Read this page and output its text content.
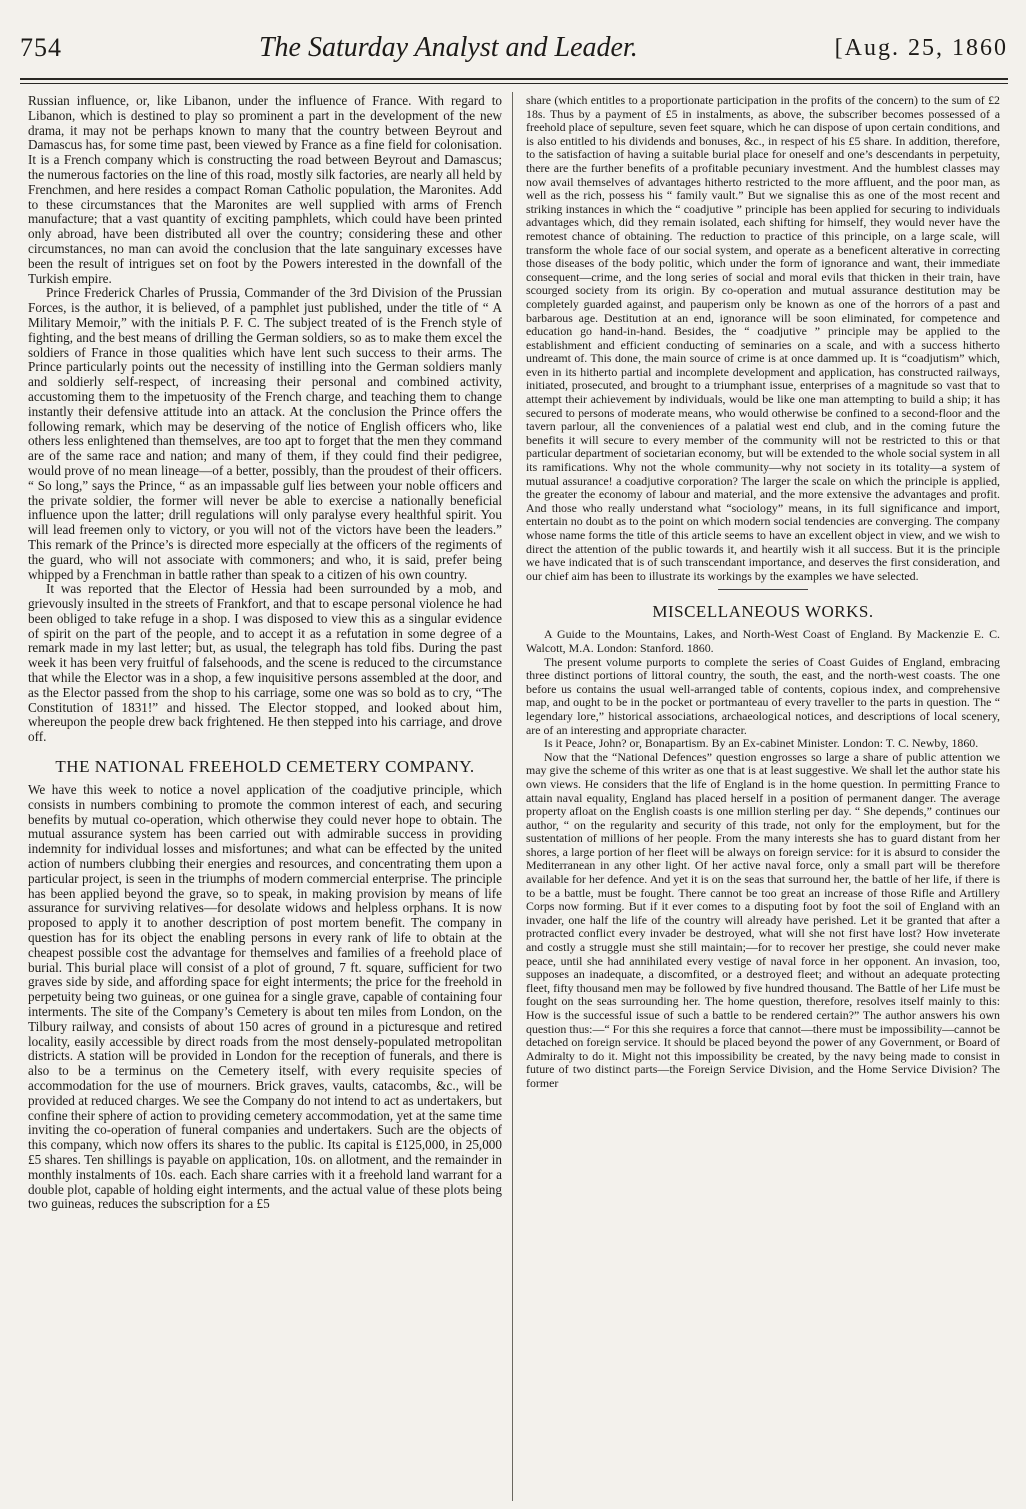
754	The Saturday Analyst and Leader.	[Aug. 25, 1860

Russian influence, or, like Libanon, under the influence of France. With regard to Libanon, which is destined to play so prominent a part in the development of the new drama, it may not be perhaps known to many that the country between Beyrout and Damascus has, for some time past, been viewed by France as a fine field for colonisation. It is a French company which is constructing the road between Beyrout and Damascus; the numerous factories on the line of this road, mostly silk factories, are nearly all held by Frenchmen, and here resides a compact Roman Catholic population, the Maronites. Add to these circumstances that the Maronites are well supplied with arms of French manufacture; that a vast quantity of exciting pamphlets, which could have been printed only abroad, have been distributed all over the country; considering these and other circumstances, no man can avoid the conclusion that the late sanguinary excesses have been the result of intrigues set on foot by the Powers interested in the downfall of the Turkish empire.

Prince Frederick Charles of Prussia, Commander of the 3rd Division of the Prussian Forces, is the author, it is believed, of a pamphlet just published, under the title of “ A Military Memoir,” with the initials P. F. C. The subject treated of is the French style of fighting, and the best means of drilling the German soldiers, so as to make them excel the soldiers of France in those qualities which have lent such success to their arms. The Prince particularly points out the necessity of instilling into the German soldiers manly and soldierly self-respect, of increasing their personal and combined activity, accustoming them to the impetuosity of the French charge, and teaching them to change instantly their defensive attitude into an attack. At the conclusion the Prince offers the following remark, which may be deserving of the notice of English officers who, like others less enlightened than themselves, are too apt to forget that the men they command are of the same race and nation; and many of them, if they could find their pedigree, would prove of no mean lineage—of a better, possibly, than the proudest of their officers. “ So long,” says the Prince, “ as an impassable gulf lies between your noble officers and the private soldier, the former will never be able to exercise a nationally beneficial influence upon the latter; drill regulations will only paralyse every healthful spirit. You will lead freemen only to victory, or you will not of the victors have been the leaders.” This remark of the Prince’s is directed more especially at the officers of the regiments of the guard, who will not associate with commoners; and who, it is said, prefer being whipped by a Frenchman in battle rather than speak to a citizen of his own country.

It was reported that the Elector of Hessia had been surrounded by a mob, and grievously insulted in the streets of Frankfort, and that to escape personal violence he had been obliged to take refuge in a shop. I was disposed to view this as a singular evidence of spirit on the part of the people, and to accept it as a refutation in some degree of a remark made in my last letter; but, as usual, the telegraph has told fibs. During the past week it has been very fruitful of falsehoods, and the scene is reduced to the circumstance that while the Elector was in a shop, a few inquisitive persons assembled at the door, and as the Elector passed from the shop to his carriage, some one was so bold as to cry, “The Constitution of 1831!” and hissed. The Elector stopped, and looked about him, whereupon the people drew back frightened. He then stepped into his carriage, and drove off.

THE NATIONAL FREEHOLD CEMETERY COMPANY.

We have this week to notice a novel application of the coadjutive principle, which consists in numbers combining to promote the common interest of each, and securing benefits by mutual co-operation, which otherwise they could never hope to obtain. The mutual assurance system has been carried out with admirable success in providing indemnity for individual losses and misfortunes; and what can be effected by the united action of numbers clubbing their energies and resources, and concentrating them upon a particular project, is seen in the triumphs of modern commercial enterprise. The principle has been applied beyond the grave, so to speak, in making provision by means of life assurance for surviving relatives—for desolate widows and helpless orphans. It is now proposed to apply it to another description of post mortem benefit. The company in question has for its object the enabling persons in every rank of life to obtain at the cheapest possible cost the advantage for themselves and families of a freehold place of burial. This burial place will consist of a plot of ground, 7 ft. square, sufficient for two graves side by side, and affording space for eight interments; the price for the freehold in perpetuity being two guineas, or one guinea for a single grave, capable of containing four interments. The site of the Company’s Cemetery is about ten miles from London, on the Tilbury railway, and consists of about 150 acres of ground in a picturesque and retired locality, easily accessible by direct roads from the most densely-populated metropolitan districts. A station will be provided in London for the reception of funerals, and there is also to be a terminus on the Cemetery itself, with every requisite species of accommodation for the use of mourners. Brick graves, vaults, catacombs, &c., will be provided at reduced charges. We see the Company do not intend to act as undertakers, but confine their sphere of action to providing cemetery accommodation, yet at the same time inviting the co-operation of funeral companies and undertakers. Such are the objects of this company, which now offers its shares to the public. Its capital is £125,000, in 25,000 £5 shares. Ten shillings is payable on application, 10s. on allotment, and the remainder in monthly instalments of 10s. each. Each share carries with it a freehold land warrant for a double plot, capable of holding eight interments, and the actual value of these plots being two guineas, reduces the subscription for a £5

share (which entitles to a proportionate participation in the profits of the concern) to the sum of £2 18s. Thus by a payment of £5 in instalments, as above, the subscriber becomes possessed of a freehold place of sepulture, seven feet square, which he can dispose of upon certain conditions, and is also entitled to his dividends and bonuses, &c., in respect of his £5 share. In addition, therefore, to the satisfaction of having a suitable burial place for oneself and one’s descendants in perpetuity, there are the further benefits of a profitable pecuniary investment. And the humblest classes may now avail themselves of advantages hitherto restricted to the more affluent, and the poor man, as well as the rich, possess his “ family vault.” But we signalise this as one of the most recent and striking instances in which the “ coadjutive ” principle has been applied for securing to individuals advantages which, did they remain isolated, each shifting for himself, they would never have the remotest chance of obtaining. The reduction to practice of this principle, on a large scale, will transform the whole face of our social system, and operate as a beneficent alterative in correcting those diseases of the body politic, which under the form of ignorance and want, their immediate consequent—crime, and the long series of social and moral evils that thicken in their train, have scourged society from its origin. By co-operation and mutual assurance destitution may be completely guarded against, and pauperism only be known as one of the horrors of a past and barbarous age. Destitution at an end, ignorance will be soon eliminated, for competence and education go hand-in-hand. Besides, the “ coadjutive ” principle may be applied to the establishment and efficient conducting of seminaries on a scale, and with a success hitherto undreamt of. This done, the main source of crime is at once dammed up. It is “coadjutism” which, even in its hitherto partial and incomplete development and application, has constructed railways, initiated, prosecuted, and brought to a triumphant issue, enterprises of a magnitude so vast that to attempt their achievement by individuals, would be like one man attempting to build a ship; it has secured to persons of moderate means, who would otherwise be confined to a second-floor and the tavern parlour, all the conveniences of a palatial west end club, and in the coming future the benefits it will secure to every member of the community will not be restricted to this or that particular department of societarian economy, but will be extended to the whole social system in all its ramifications. Why not the whole community—why not society in its totality—a system of mutual assurance! a coadjutive corporation? The larger the scale on which the principle is applied, the greater the economy of labour and material, and the more extensive the advantages and profit. And those who really understand what “sociology” means, in its full significance and import, entertain no doubt as to the point on which modern social tendencies are converging. The company whose name forms the title of this article seems to have an excellent object in view, and we wish to direct the attention of the public towards it, and heartily wish it all success. But it is the principle we have indicated that is of such transcendant importance, and deserves the first consideration, and our chief aim has been to illustrate its workings by the examples we have selected.

MISCELLANEOUS WORKS.

A Guide to the Mountains, Lakes, and North-West Coast of England. By Mackenzie E. C. Walcott, M.A. London: Stanford. 1860.

The present volume purports to complete the series of Coast Guides of England, embracing three distinct portions of littoral country, the south, the east, and the north-west coasts. The one before us contains the usual well-arranged table of contents, copious index, and comprehensive map, and ought to be in the pocket or portmanteau of every traveller to the parts in question. The “ legendary lore,” historical associations, archaeological notices, and descriptions of local scenery, are of an interesting and appropriate character.

Is it Peace, John? or, Bonapartism. By an Ex-cabinet Minister. London: T. C. Newby, 1860.

Now that the “National Defences” question engrosses so large a share of public attention we may give the scheme of this writer as one that is at least suggestive. We shall let the author state his own views. He considers that the life of England is in the home question. In permitting France to attain naval equality, England has placed herself in a position of permanent danger. The average property afloat on the English coasts is one million sterling per day. “ She depends,” continues our author, “ on the regularity and security of this trade, not only for the employment, but for the sustentation of millions of her people. From the many interests she has to guard distant from her shores, a large portion of her fleet will be always on foreign service: for it is absurd to consider the Mediterranean in any other light. Of her active naval force, only a small part will be therefore available for her defence. And yet it is on the seas that surround her, the battle of her life, if there is to be a battle, must be fought. There cannot be too great an increase of those Rifle and Artillery Corps now forming. But if it ever comes to a disputing foot by foot the soil of England with an invader, one half the life of the country will already have perished. Let it be granted that after a protracted conflict every invader be destroyed, what will she not first have lost? How inveterate and costly a struggle must she still maintain;—for to recover her prestige, she could never make peace, until she had annihilated every vestige of naval force in her opponent. An invasion, too, supposes an inadequate, a discomfited, or a destroyed fleet; and without an adequate protecting fleet, fifty thousand men may be followed by five hundred thousand. The Battle of her Life must be fought on the seas surrounding her. The home question, therefore, resolves itself mainly to this: How is the successful issue of such a battle to be rendered certain?” The author answers his own question thus:—“ For this she requires a force that cannot—there must be impossibility—cannot be detached on foreign service. It should be placed beyond the power of any Government, or Board of Admiralty to do it. Might not this impossibility be created, by the navy being made to consist in future of two distinct parts—the Foreign Service Division, and the Home Service Division? The former
